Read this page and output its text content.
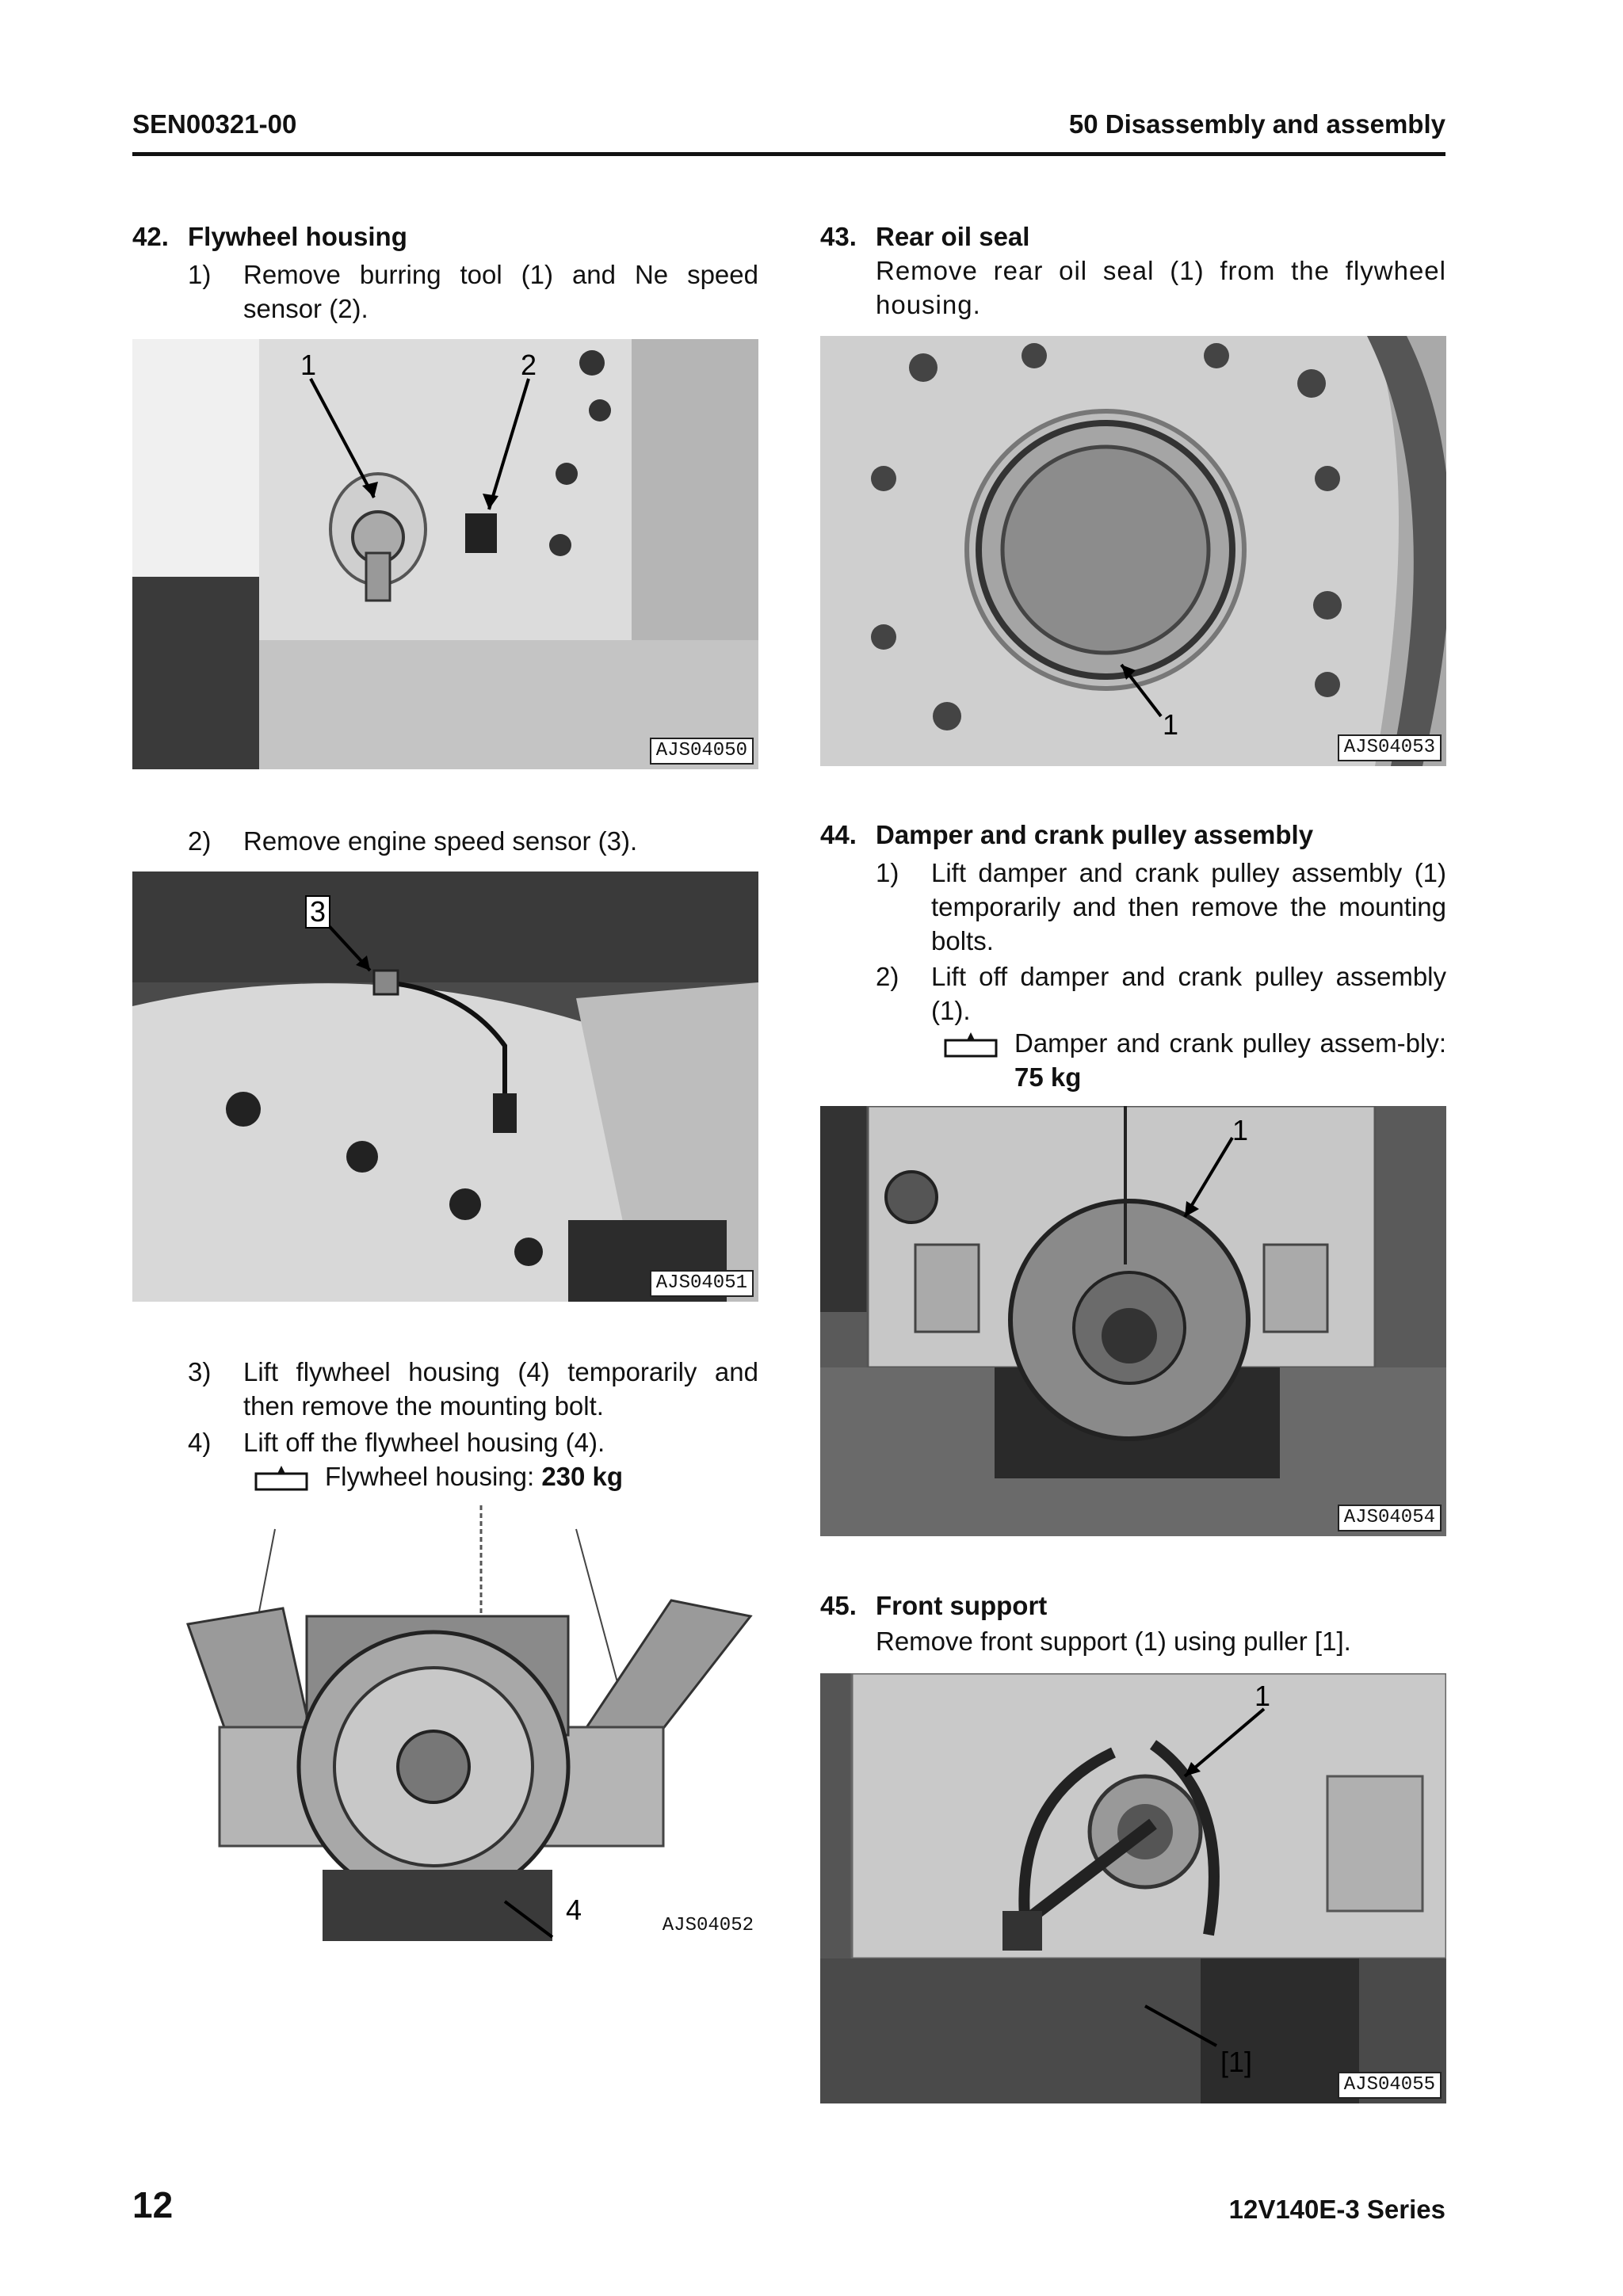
SEN00321-00	50 Disassembly and assembly
42. Flywheel housing
1) Remove burring tool (1) and Ne speed sensor (2).
1	2
AJS04050
2) Remove engine speed sensor (3).
3
AJS04051
3) Lift flywheel housing (4) temporarily and then remove the mounting bolt.
4) Lift off the flywheel housing (4).
Flywheel housing: 230 kg
4	AJS04052
43. Rear oil seal
Remove rear oil seal (1) from the flywheel housing.
1
AJS04053
44. Damper and crank pulley assembly
1) Lift damper and crank pulley assembly (1) temporarily and then remove the mounting bolts.
2) Lift off damper and crank pulley assembly (1).
Damper and crank pulley assem-bly: 75 kg
1
AJS04054
45. Front support
Remove front support (1) using puller [1].
1
[1]
AJS04055
12	12V140E-3 Series
